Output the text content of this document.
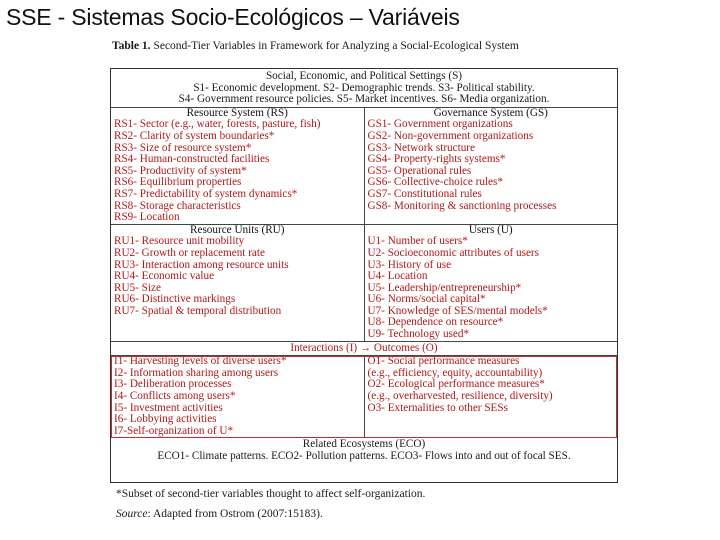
SSE - Sistemas Socio-Ecológicos – Variáveis
Table 1. Second-Tier Variables in Framework for Analyzing a Social-Ecological System
Social, Economic, and Political Settings (S)
S1- Economic development. S2- Demographic trends. S3- Political stability.
S4- Government resource policies. S5- Market incentives. S6- Media organization.
Resource System (RS)
RS1- Sector (e.g., water, forests, pasture, fish)
RS2- Clarity of system boundaries*
RS3- Size of resource system*
RS4- Human-constructed facilities
RS5- Productivity of system*
RS6- Equilibrium properties
RS7- Predictability of system dynamics*
RS8- Storage characteristics
RS9- Location
Governance System (GS)
GS1- Government organizations
GS2- Non-government organizations
GS3- Network structure
GS4- Property-rights systems*
GS5- Operational rules
GS6- Collective-choice rules*
GS7- Constitutional rules
GS8- Monitoring & sanctioning processes
Resource Units (RU)
RU1- Resource unit mobility
RU2- Growth or replacement rate
RU3- Interaction among resource units
RU4- Economic value
RU5- Size
RU6- Distinctive markings
RU7- Spatial & temporal distribution
Users (U)
U1- Number of users*
U2- Socioeconomic attributes of users
U3- History of use
U4- Location
U5- Leadership/entrepreneurship*
U6- Norms/social capital*
U7- Knowledge of SES/mental models*
U8- Dependence on resource*
U9- Technology used*
Interactions (I) → Outcomes (O)
I1- Harvesting levels of diverse users*
I2- Information sharing among users
I3- Deliberation processes
I4- Conflicts among users*
I5- Investment activities
I6- Lobbying activities
I7-Self-organization of U*
O1- Social performance measures
(e.g., efficiency, equity, accountability)
O2- Ecological performance measures*
(e.g., overharvested, resilience, diversity)
O3- Externalities to other SESs
Related Ecosystems (ECO)
ECO1- Climate patterns. ECO2- Pollution patterns. ECO3- Flows into and out of focal SES.
*Subset of second-tier variables thought to affect self-organization.
Source: Adapted from Ostrom (2007:15183).
